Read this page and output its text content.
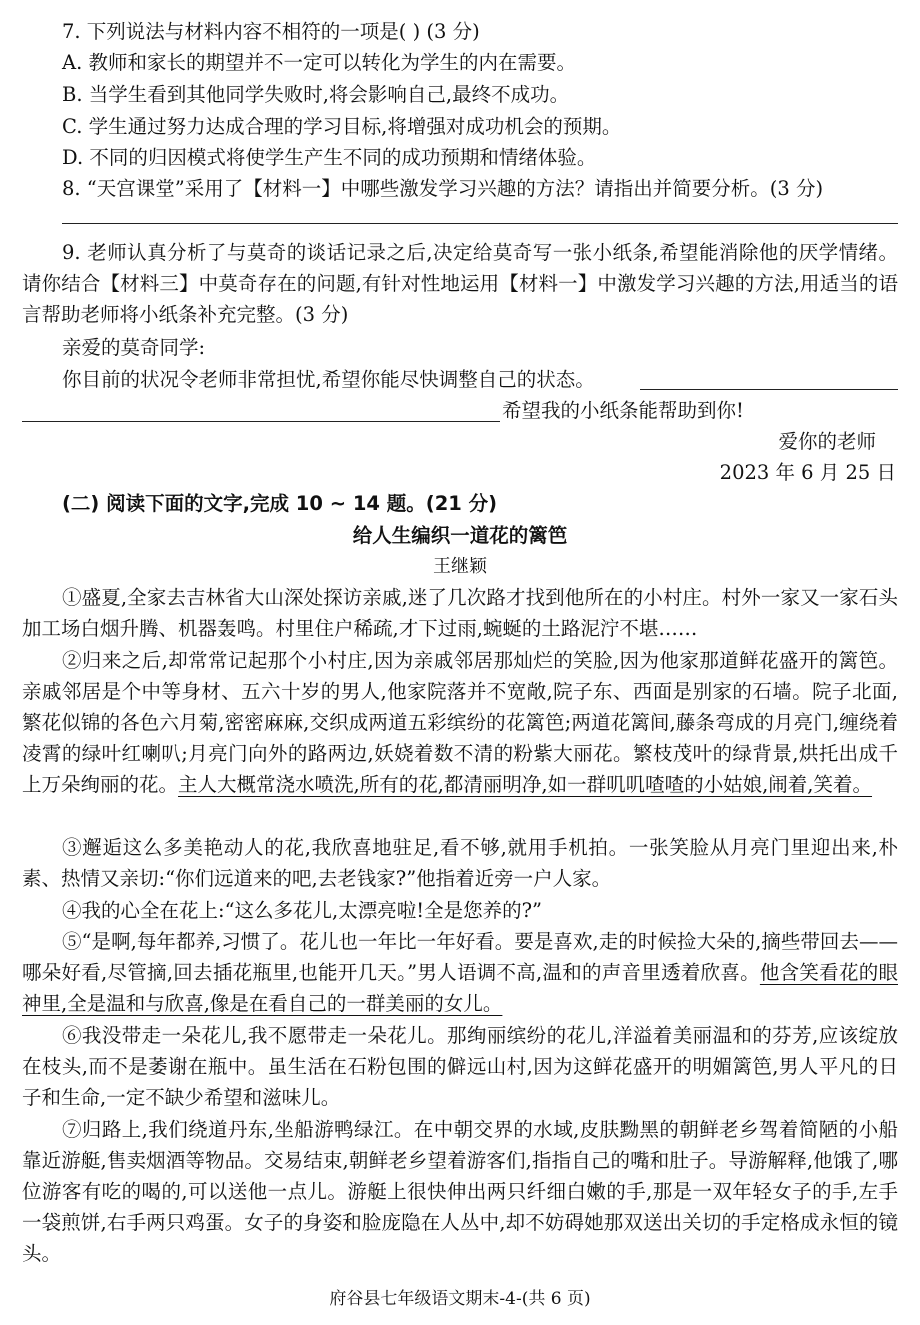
7. 下列说法与材料内容不相符的一项是( ) (3 分)
A. 教师和家长的期望并不一定可以转化为学生的内在需要。
B. 当学生看到其他同学失败时,将会影响自己,最终不成功。
C. 学生通过努力达成合理的学习目标,将增强对成功机会的预期。
D. 不同的归因模式将使学生产生不同的成功预期和情绪体验。
8. “天宫课堂”采用了【材料一】中哪些激发学习兴趣的方法？请指出并简要分析。(3 分)
9. 老师认真分析了与莫奇的谈话记录之后,决定给莫奇写一张小纸条,希望能消除他的厌学情绪。请你结合【材料三】中莫奇存在的问题,有针对性地运用【材料一】中激发学习兴趣的方法,用适当的语言帮助老师将小纸条补充完整。(3 分)
亲爱的莫奇同学:
你目前的状况令老师非常担忧,希望你能尽快调整自己的状态。
希望我的小纸条能帮助到你!
爱你的老师
2023 年 6 月 25 日
(二) 阅读下面的文字,完成 10 ~ 14 题。(21 分)
给人生编织一道花的篱笆
王继颖
①盛夏,全家去吉林省大山深处探访亲戚,迷了几次路才找到他所在的小村庄。村外一家又一家石头加工场白烟升腾、机器轰鸣。村里住户稀疏,才下过雨,蜿蜒的土路泥泞不堪……
②归来之后,却常常记起那个小村庄,因为亲戚邻居那灿烂的笑脸,因为他家那道鲜花盛开的篱笆。亲戚邻居是个中等身材、五六十岁的男人,他家院落并不宽敞,院子东、西面是别家的石墙。院子北面,繁花似锦的各色六月菊,密密麻麻,交织成两道五彩缤纷的花篱笆;两道花篱间,藤条弯成的月亮门,缠绕着凌霄的绿叶红喇叭;月亮门向外的路两边,妖娆着数不清的粉紫大丽花。繁枝茂叶的绿背景,烘托出成千上万朵绚丽的花。主人大概常浇水喷洗,所有的花,都清丽明净,如一群叽叽喳喳的小姑娘,闹着,笑着。
③邂逅这么多美艳动人的花,我欣喜地驻足,看不够,就用手机拍。一张笑脸从月亮门里迎出来,朴素、热情又亲切:“你们远道来的吧,去老钱家?”他指着近旁一户人家。
④我的心全在花上:“这么多花儿,太漂亮啦!全是您养的?”
⑤“是啊,每年都养,习惯了。花儿也一年比一年好看。要是喜欢,走的时候捡大朵的,摘些带回去——哪朵好看,尽管摘,回去插花瓶里,也能开几天。”男人语调不高,温和的声音里透着欣喜。他含笑看花的眼神里,全是温和与欣喜,像是在看自己的一群美丽的女儿。
⑥我没带走一朵花儿,我不愿带走一朵花儿。那绚丽缤纷的花儿,洋溢着美丽温和的芬芳,应该绽放在枝头,而不是萎谢在瓶中。虽生活在石粉包围的僻远山村,因为这鲜花盛开的明媚篱笆,男人平凡的日子和生命,一定不缺少希望和滋味儿。
⑦归路上,我们绕道丹东,坐船游鸭绿江。在中朝交界的水域,皮肤黝黑的朝鲜老乡驾着简陋的小船靠近游艇,售卖烟酒等物品。交易结束,朝鲜老乡望着游客们,指指自己的嘴和肚子。导游解释,他饿了,哪位游客有吃的喝的,可以送他一点儿。游艇上很快伸出两只纤细白嫩的手,那是一双年轻女子的手,左手一袋煎饼,右手两只鸡蛋。女子的身姿和脸庞隐在人丛中,却不妨碍她那双送出关切的手定格成永恒的镜头。
府谷县七年级语文期末-4-(共 6 页)
